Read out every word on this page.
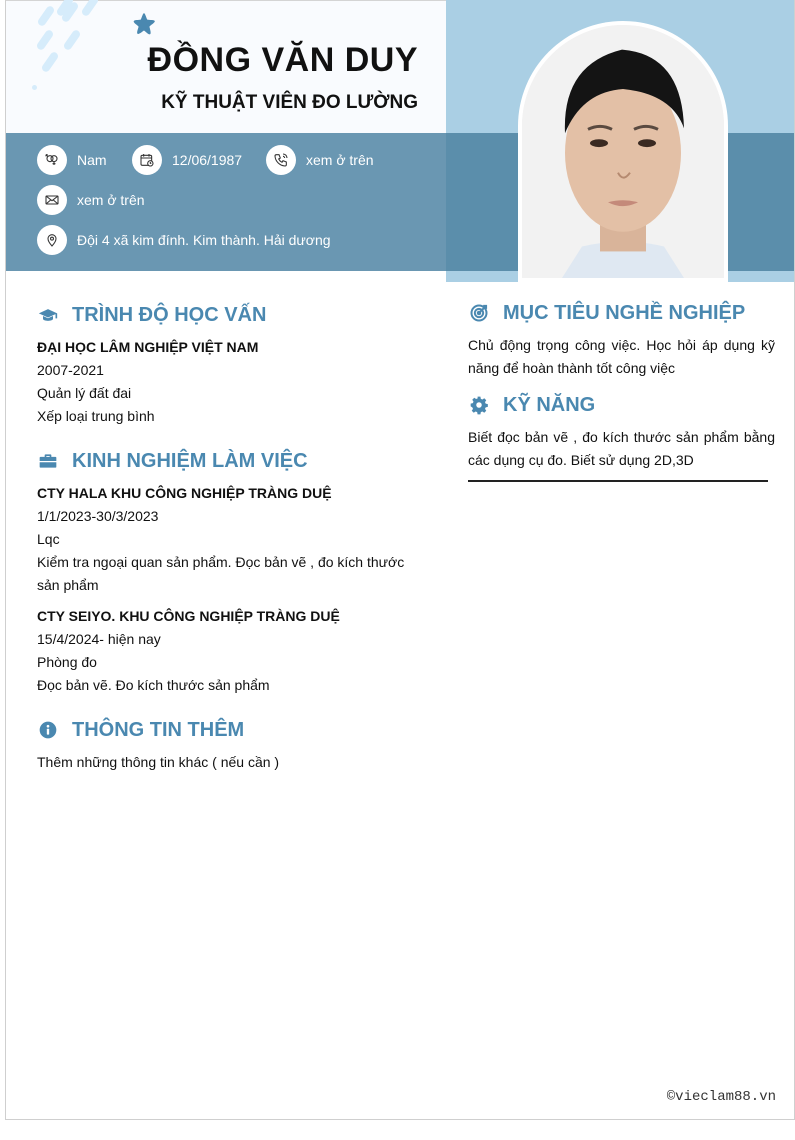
ĐỒNG VĂN DUY
KỸ THUẬT VIÊN ĐO LƯỜNG
Nam	12/06/1987	xem ở trên
xem ở trên
Đội 4 xã kim đính. Kim thành. Hải dương
TRÌNH ĐỘ HỌC VẤN
ĐẠI HỌC LÂM NGHIỆP VIỆT NAM
2007-2021
Quản lý đất đai
Xếp loại trung bình
KINH NGHIỆM LÀM VIỆC
CTY HALA KHU CÔNG NGHIỆP TRÀNG DUỆ
1/1/2023-30/3/2023
Lqc
Kiểm tra ngoại quan sản phẩm. Đọc bản vẽ , đo kích thước sản phẩm
CTY SEIYO. KHU CÔNG NGHIỆP TRÀNG DUỆ
15/4/2024- hiện nay
Phòng đo
Đọc bản vẽ. Đo kích thước sản phẩm
THÔNG TIN THÊM
Thêm những thông tin khác ( nếu cần )
MỤC TIÊU NGHỀ NGHIỆP
Chủ động trọng công việc. Học hỏi áp dụng kỹ năng để hoàn thành tốt công việc
KỸ NĂNG
Biết đọc bản vẽ , đo kích thước sản phẩm bằng các dụng cụ đo. Biết sử dụng 2D,3D
©vieclam88.vn
